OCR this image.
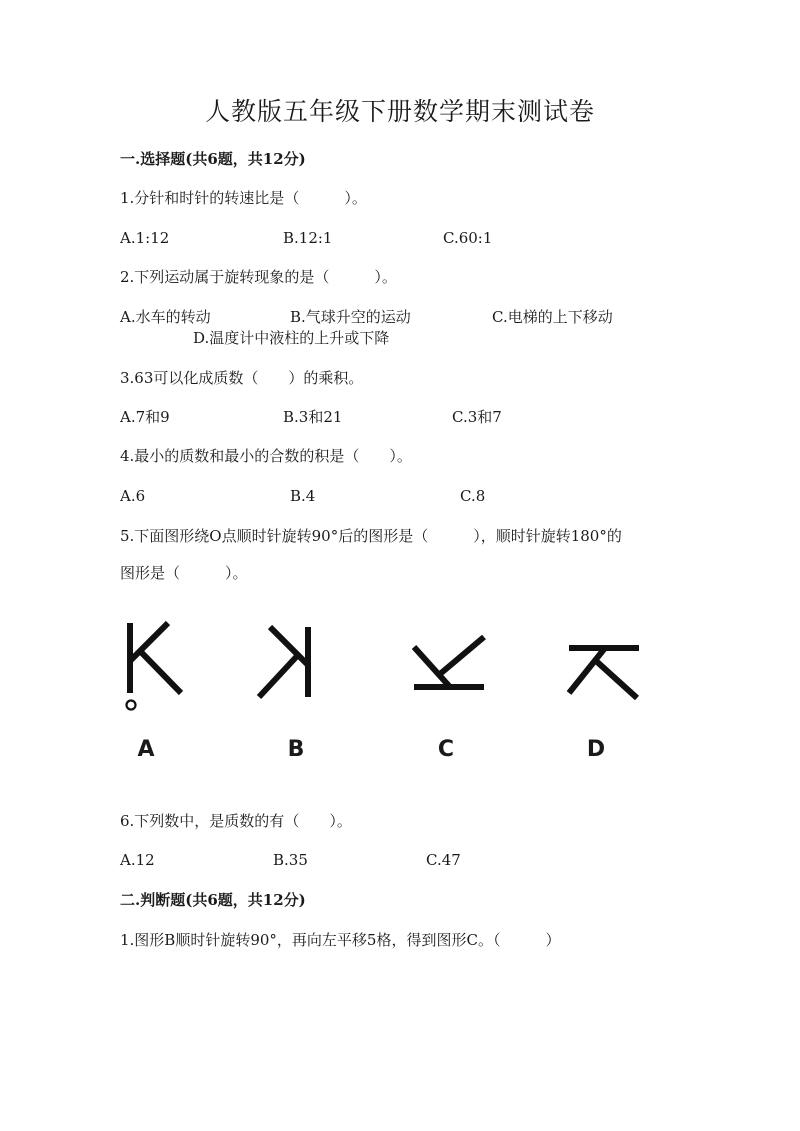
人教版五年级下册数学期末测试卷
一.选择题(共6题，共12分)
1.分针和时针的转速比是（　　　）。
A.1:12	B.12:1	C.60:1
2.下列运动属于旋转现象的是（　　　）。
A.水车的转动	B.气球升空的运动	C.电梯的上下移动
D.温度计中液柱的上升或下降
3.63可以化成质数（　　）的乘积。
A.7和9	B.3和21	C.3和7
4.最小的质数和最小的合数的积是（　　）。
A.6	B.4	C.8
5.下面图形绕O点顺时针旋转90°后的图形是（　　　），顺时针旋转180°的
图形是（　　　）。
A	B	C	D
6.下列数中，是质数的有（　　）。
A.12	B.35	C.47
二.判断题(共6题，共12分)
1.图形B顺时针旋转90°，再向左平移5格，得到图形C。（　　　）
